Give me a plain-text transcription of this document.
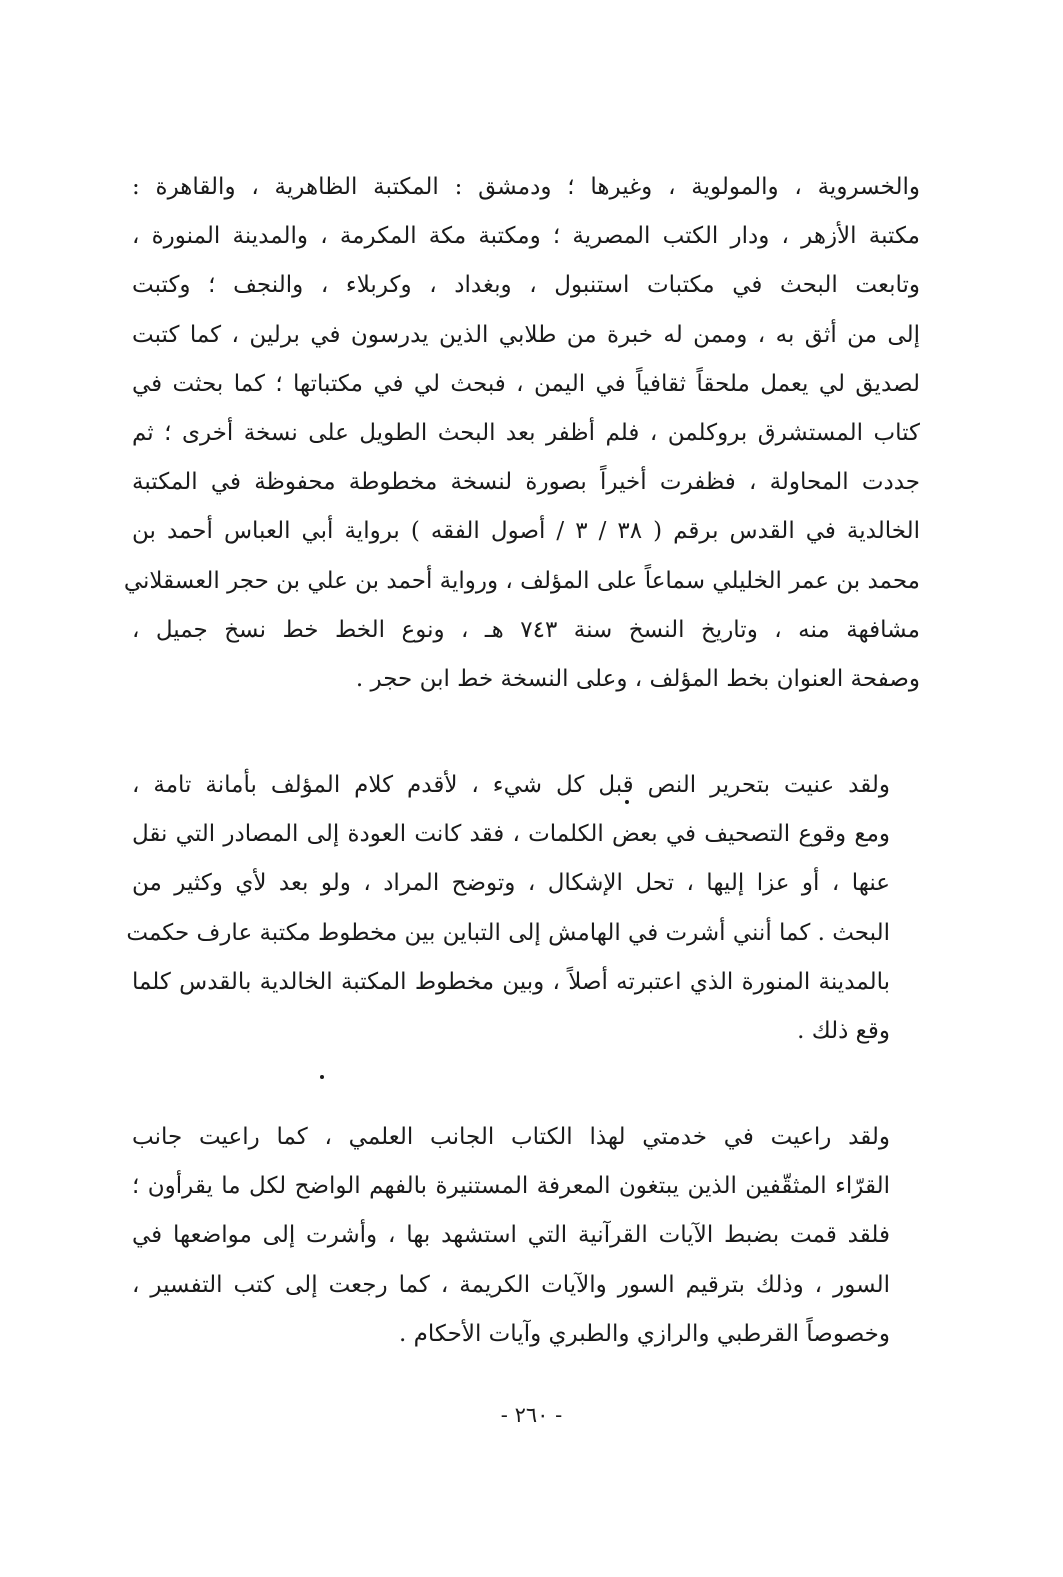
والخسروية ، والمولوية ، وغيرها ؛ ودمشق : المكتبة الظاهرية ، والقاهرة :
مكتبة الأزهر ، ودار الكتب المصرية ؛ ومكتبة مكة المكرمة ، والمدينة المنورة ،
وتابعت البحث في مكتبات استنبول ، وبغداد ، وكربلاء ، والنجف ؛ وكتبت
إلى من أثق به ، وممن له خبرة من طلابي الذين يدرسون في برلين ، كما كتبت
لصديق لي يعمل ملحقاً ثقافياً في اليمن ، فبحث لي في مكتباتها ؛ كما بحثت في
كتاب المستشرق بروكلمن ، فلم أظفر بعد البحث الطويل على نسخة أخرى ؛ ثم
جددت المحاولة ، فظفرت أخيراً بصورة لنسخة مخطوطة محفوظة في المكتبة
الخالدية في القدس برقم ( ٣٨ / ٣ / أصول الفقه ) برواية أبي العباس أحمد بن
محمد بن عمر الخليلي سماعاً على المؤلف ، ورواية أحمد بن علي بن حجر العسقلاني
مشافهة منه ، وتاريخ النسخ سنة ٧٤٣ هـ ، ونوع الخط خط نسخ جميل ،
وصفحة العنوان بخط المؤلف ، وعلى النسخة خط ابن حجر .
ولقد عنيت بتحرير النص قبل كل شيء ، لأقدم كلام المؤلف بأمانة تامة ،
ومع وقوع التصحيف في بعض الكلمات ، فقد كانت العودة إلى المصادر التي نقل
عنها ، أو عزا إليها ، تحل الإشكال ، وتوضح المراد ، ولو بعد لأي وكثير من
البحث . كما أنني أشرت في الهامش إلى التباين بين مخطوط مكتبة عارف حكمت
بالمدينة المنورة الذي اعتبرته أصلاً ، وبين مخطوط المكتبة الخالدية بالقدس كلما
وقع ذلك .
ولقد راعيت في خدمتي لهذا الكتاب الجانب العلمي ، كما راعيت جانب
القرّاء المثقّفين الذين يبتغون المعرفة المستنيرة بالفهم الواضح لكل ما يقرأون ؛
فلقد قمت بضبط الآيات القرآنية التي استشهد بها ، وأشرت إلى مواضعها في
السور ، وذلك بترقيم السور والآيات الكريمة ، كما رجعت إلى كتب التفسير ،
وخصوصاً القرطبي والرازي والطبري وآيات الأحكام .
- ٢٦٠ -
